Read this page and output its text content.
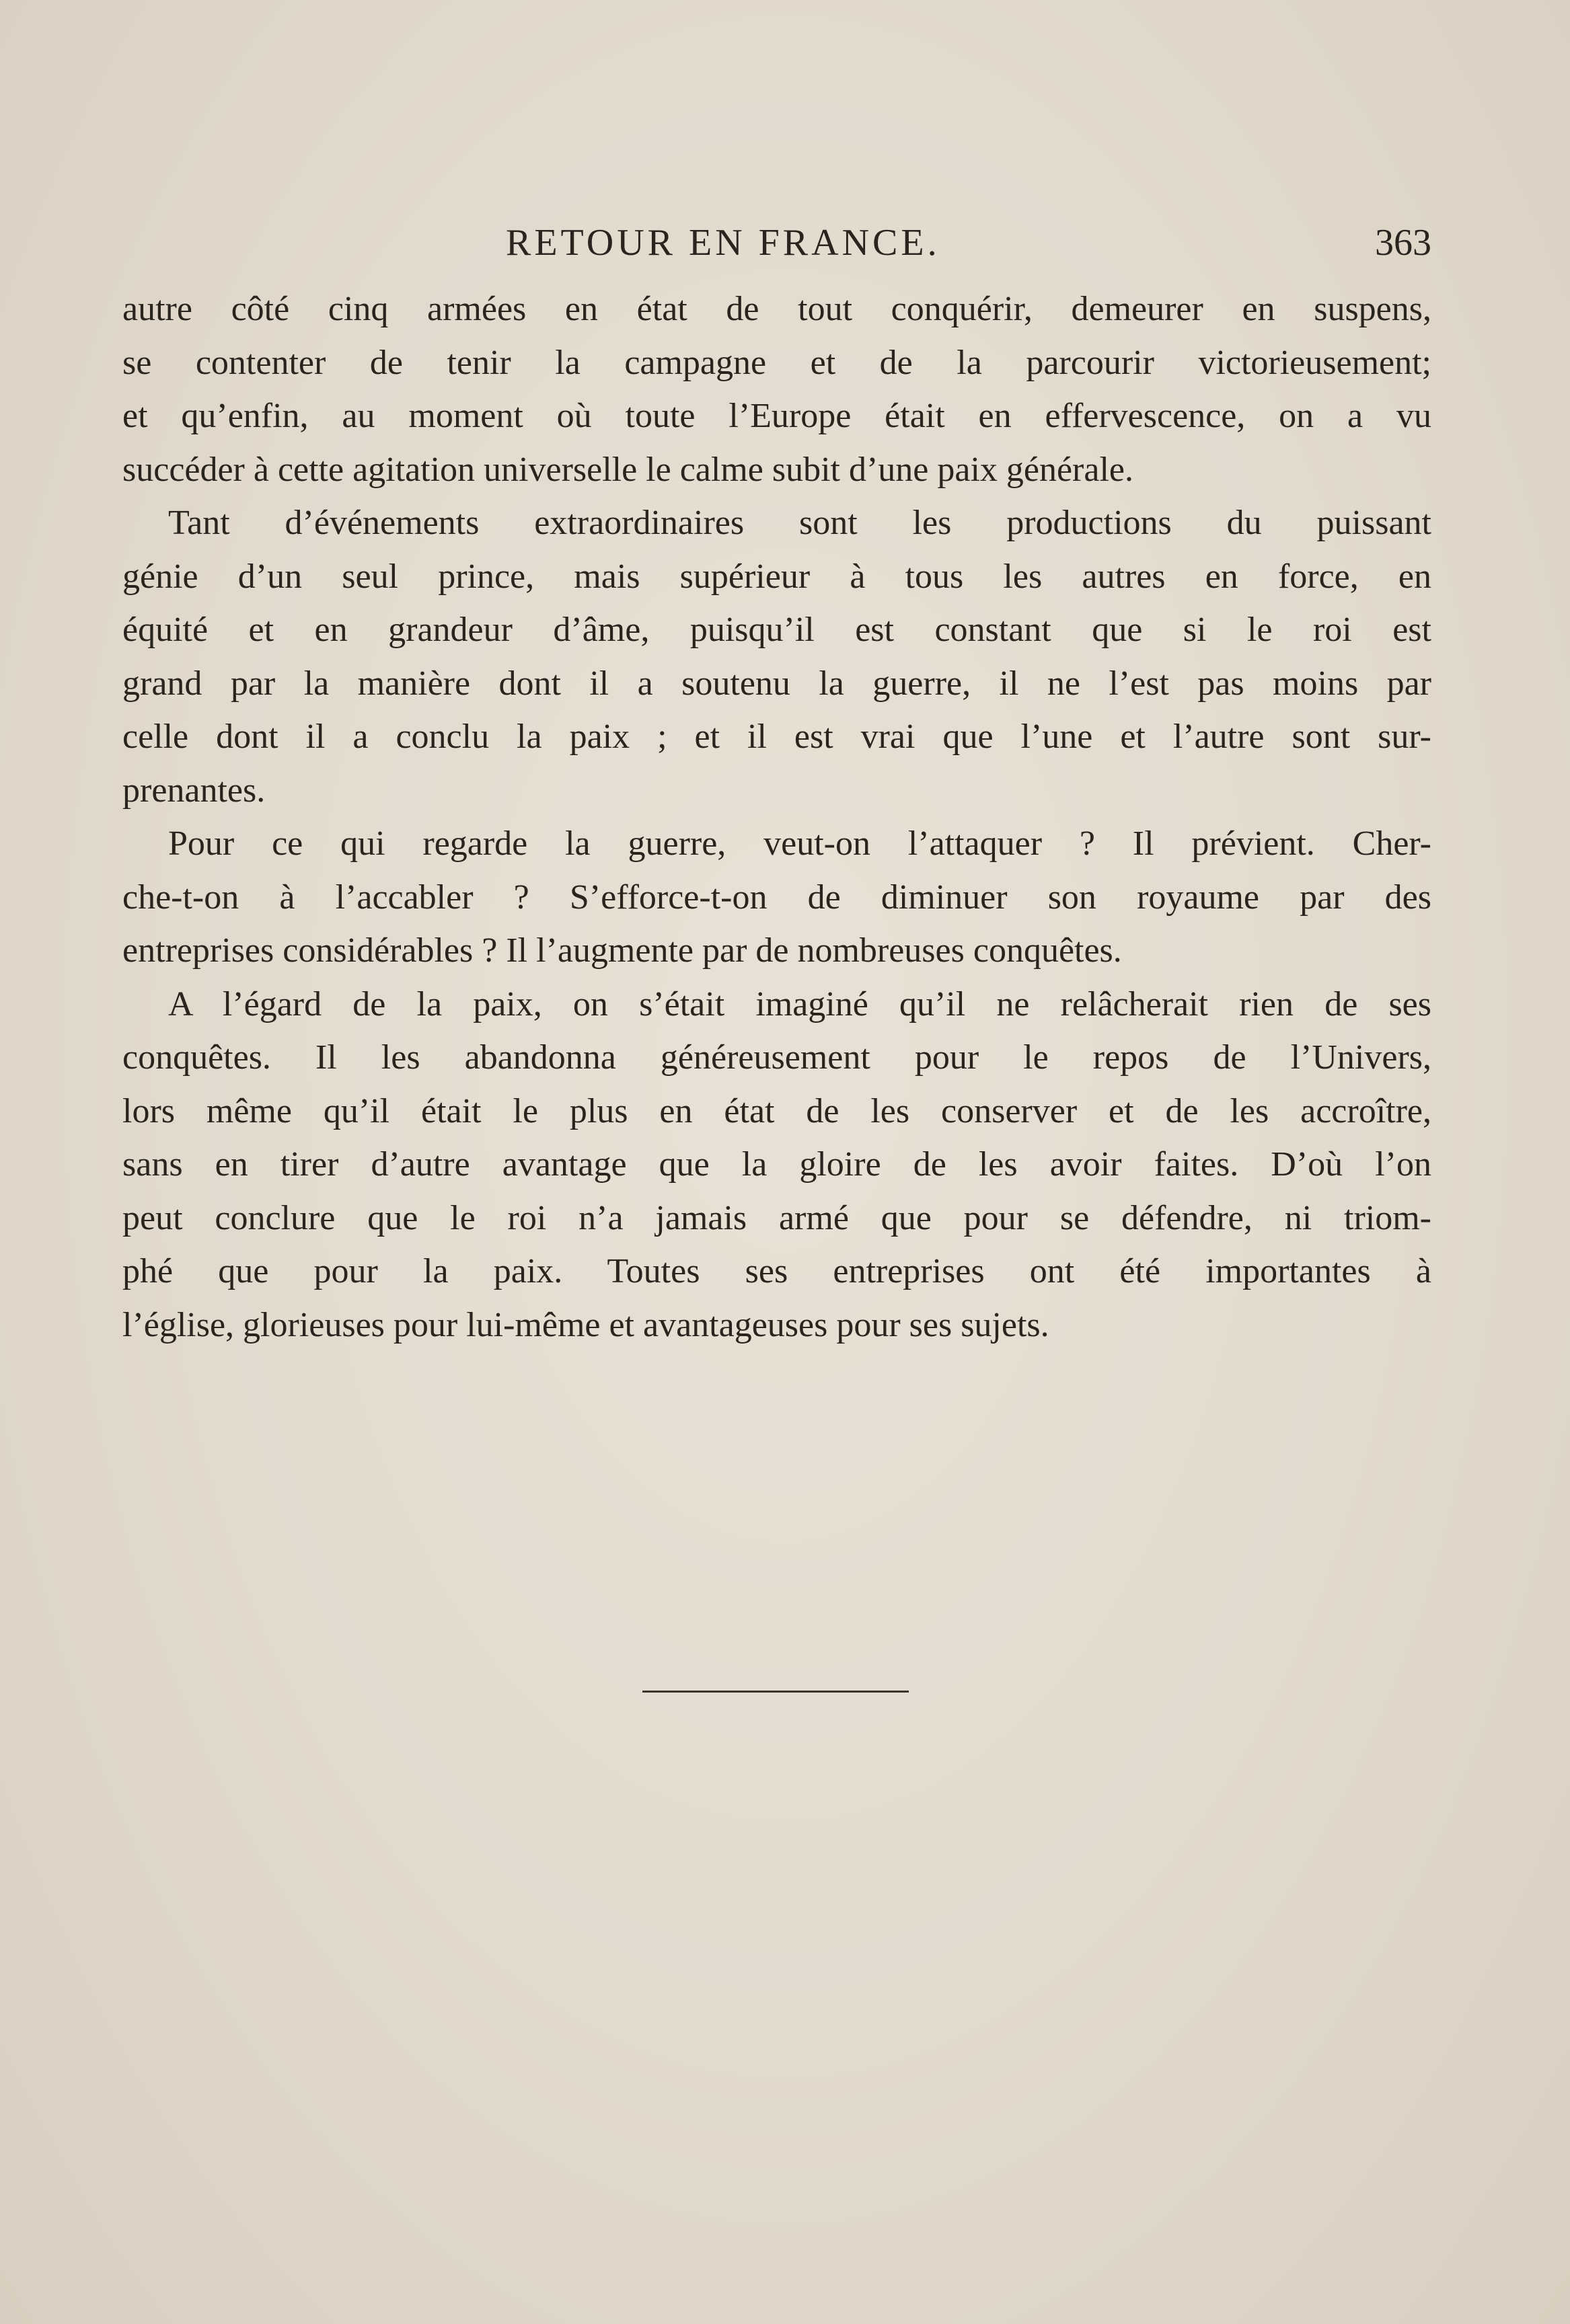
RETOUR EN FRANCE.	363
autre côté cinq armées en état de tout conquérir, demeurer en suspens,
se contenter de tenir la campagne et de la parcourir victorieusement;
et qu’enfin, au moment où toute l’Europe était en effervescence, on a vu
succéder à cette agitation universelle le calme subit d’une paix générale.
Tant d’événements extraordinaires sont les productions du puissant
génie d’un seul prince, mais supérieur à tous les autres en force, en
équité et en grandeur d’âme, puisqu’il est constant que si le roi est
grand par la manière dont il a soutenu la guerre, il ne l’est pas moins par
celle dont il a conclu la paix ; et il est vrai que l’une et l’autre sont sur-
prenantes.
Pour ce qui regarde la guerre, veut-on l’attaquer ? Il prévient. Cher-
che-t-on à l’accabler ? S’efforce-t-on de diminuer son royaume par des
entreprises considérables ? Il l’augmente par de nombreuses conquêtes.
A l’égard de la paix, on s’était imaginé qu’il ne relâcherait rien de ses
conquêtes. Il les abandonna généreusement pour le repos de l’Univers,
lors même qu’il était le plus en état de les conserver et de les accroître,
sans en tirer d’autre avantage que la gloire de les avoir faites. D’où l’on
peut conclure que le roi n’a jamais armé que pour se défendre, ni triom-
phé que pour la paix. Toutes ses entreprises ont été importantes à
l’église, glorieuses pour lui-même et avantageuses pour ses sujets.
